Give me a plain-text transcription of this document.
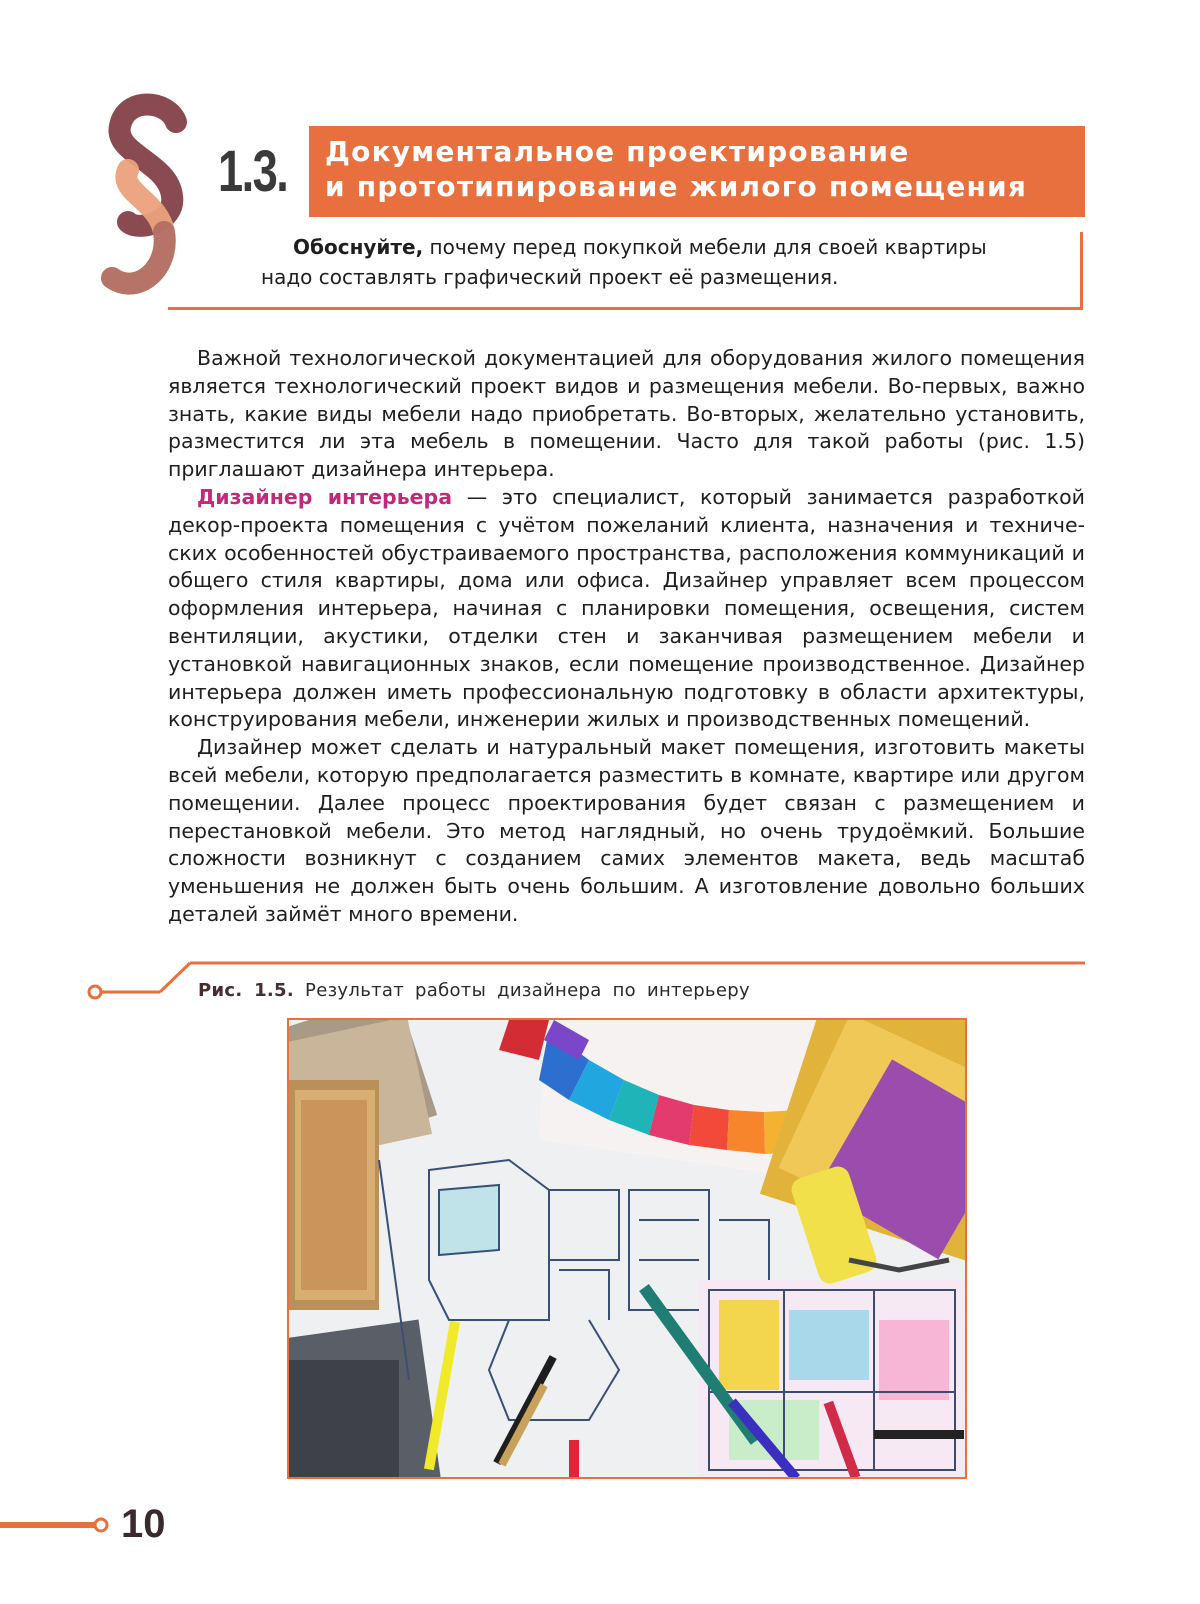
1.3. Документальное проектирование
и прототипирование жилого помещения
Обоснуйте, почему перед покупкой мебели для своей квартиры
надо составлять графический проект её размещения.

Важной технологической документацией для оборудования жилого помещения является технологический проект видов и размещения мебели. Во-первых, важно знать, какие виды мебели надо приобретать. Во-вторых, желательно установить, разместится ли эта мебель в помещении. Часто для такой работы (рис. 1.5) приглашают дизайнера интерьера.

Дизайнер интерьера — это специалист, который занимается разработкой декор-проекта помещения с учётом пожеланий клиента, назначения и технических особенностей обустраиваемого пространства, расположения коммуникаций и общего стиля квартиры, дома или офиса. Дизайнер управляет всем процессом оформления интерьера, начиная с планировки помещения, освещения, систем вентиляции, акустики, отделки стен и заканчивая размещением мебели и установкой навигационных знаков, если помещение производственное. Дизайнер интерьера должен иметь профессиональную подготовку в области архитектуры, конструирования мебели, инженерии жилых и производственных помещений.

Дизайнер может сделать и натуральный макет помещения, изготовить макеты всей мебели, которую предполагается разместить в комнате, квартире или другом помещении. Далее процесс проектирования будет связан с размещением и перестановкой мебели. Это метод наглядный, но очень трудоёмкий. Большие сложности возникнут с созданием самих элементов макета, ведь масштаб уменьшения не должен быть очень большим. А изготовление довольно больших деталей займёт много времени.

Рис. 1.5. Результат работы дизайнера по интерьеру
10
